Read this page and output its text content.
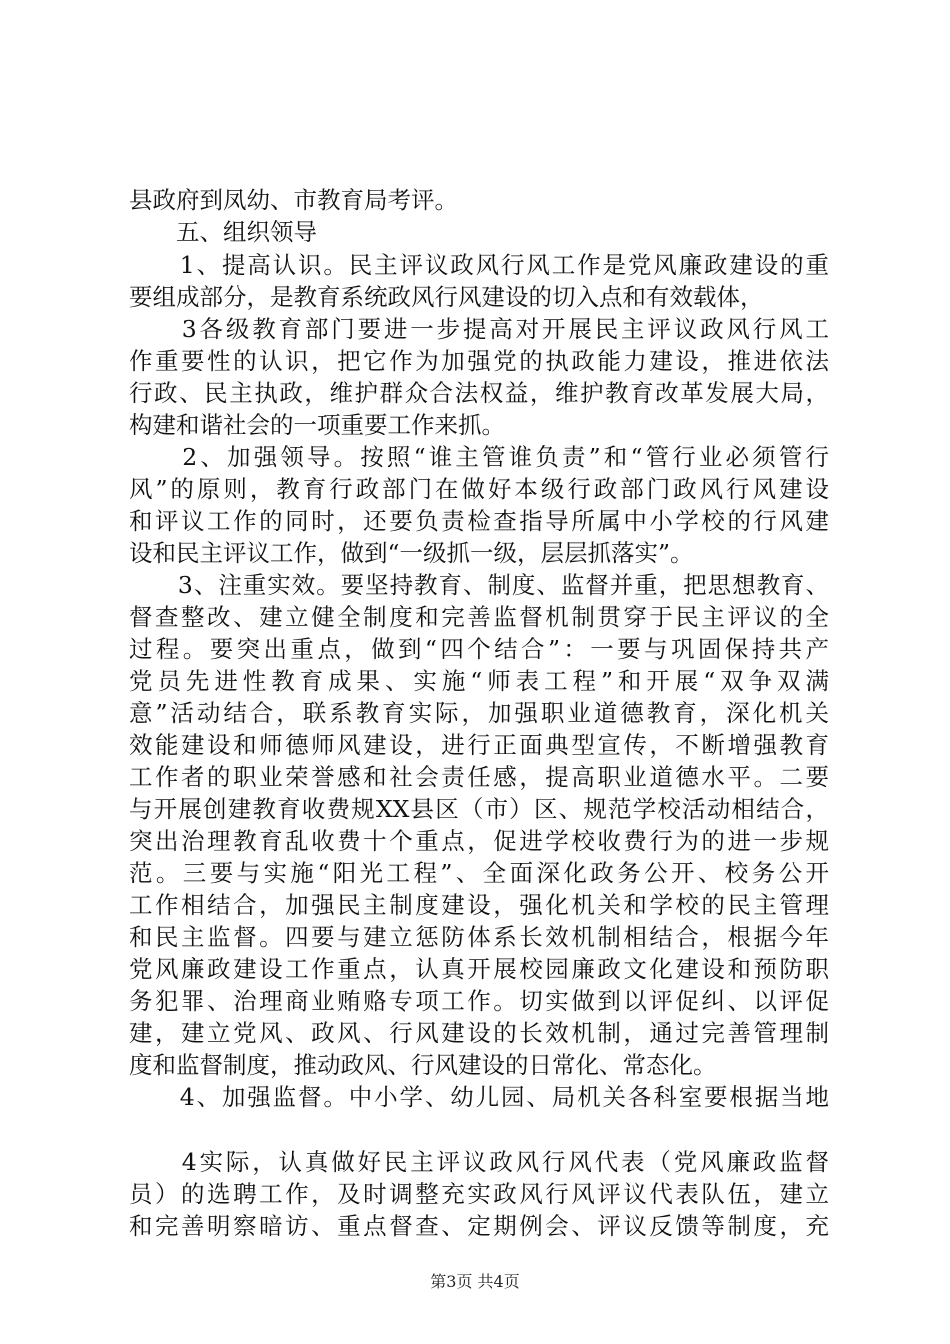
县政府到凤幼、市教育局考评。
　　五、组织领导
　　1、提高认识。民主评议政风行风工作是党风廉政建设的重
要组成部分，是教育系统政风行风建设的切入点和有效载体，
　　3各级教育部门要进一步提高对开展民主评议政风行风工
作重要性的认识，把它作为加强党的执政能力建设，推进依法
行政、民主执政，维护群众合法权益，维护教育改革发展大局，
构建和谐社会的一项重要工作来抓。
　　2、加强领导。按照“谁主管谁负责”和“管行业必须管行
风”的原则，教育行政部门在做好本级行政部门政风行风建设
和评议工作的同时，还要负责检查指导所属中小学校的行风建
设和民主评议工作，做到“一级抓一级，层层抓落实”。
　　3、注重实效。要坚持教育、制度、监督并重，把思想教育、
督查整改、建立健全制度和完善监督机制贯穿于民主评议的全
过程。要突出重点，做到“四个结合”：一要与巩固保持共产
党员先进性教育成果、实施“师表工程”和开展“双争双满
意”活动结合，联系教育实际，加强职业道德教育，深化机关
效能建设和师德师风建设，进行正面典型宣传，不断增强教育
工作者的职业荣誉感和社会责任感，提高职业道德水平。二要
与开展创建教育收费规XX县区（市）区、规范学校活动相结合，
突出治理教育乱收费十个重点，促进学校收费行为的进一步规
范。三要与实施“阳光工程”、全面深化政务公开、校务公开
工作相结合，加强民主制度建设，强化机关和学校的民主管理
和民主监督。四要与建立惩防体系长效机制相结合，根据今年
党风廉政建设工作重点，认真开展校园廉政文化建设和预防职
务犯罪、治理商业贿赂专项工作。切实做到以评促纠、以评促
建，建立党风、政风、行风建设的长效机制，通过完善管理制
度和监督制度，推动政风、行风建设的日常化、常态化。
　　4、加强监督。中小学、幼儿园、局机关各科室要根据当地
　　4实际，认真做好民主评议政风行风代表（党风廉政监督
员）的选聘工作，及时调整充实政风行风评议代表队伍，建立
和完善明察暗访、重点督查、定期例会、评议反馈等制度，充
第3页 共4页
